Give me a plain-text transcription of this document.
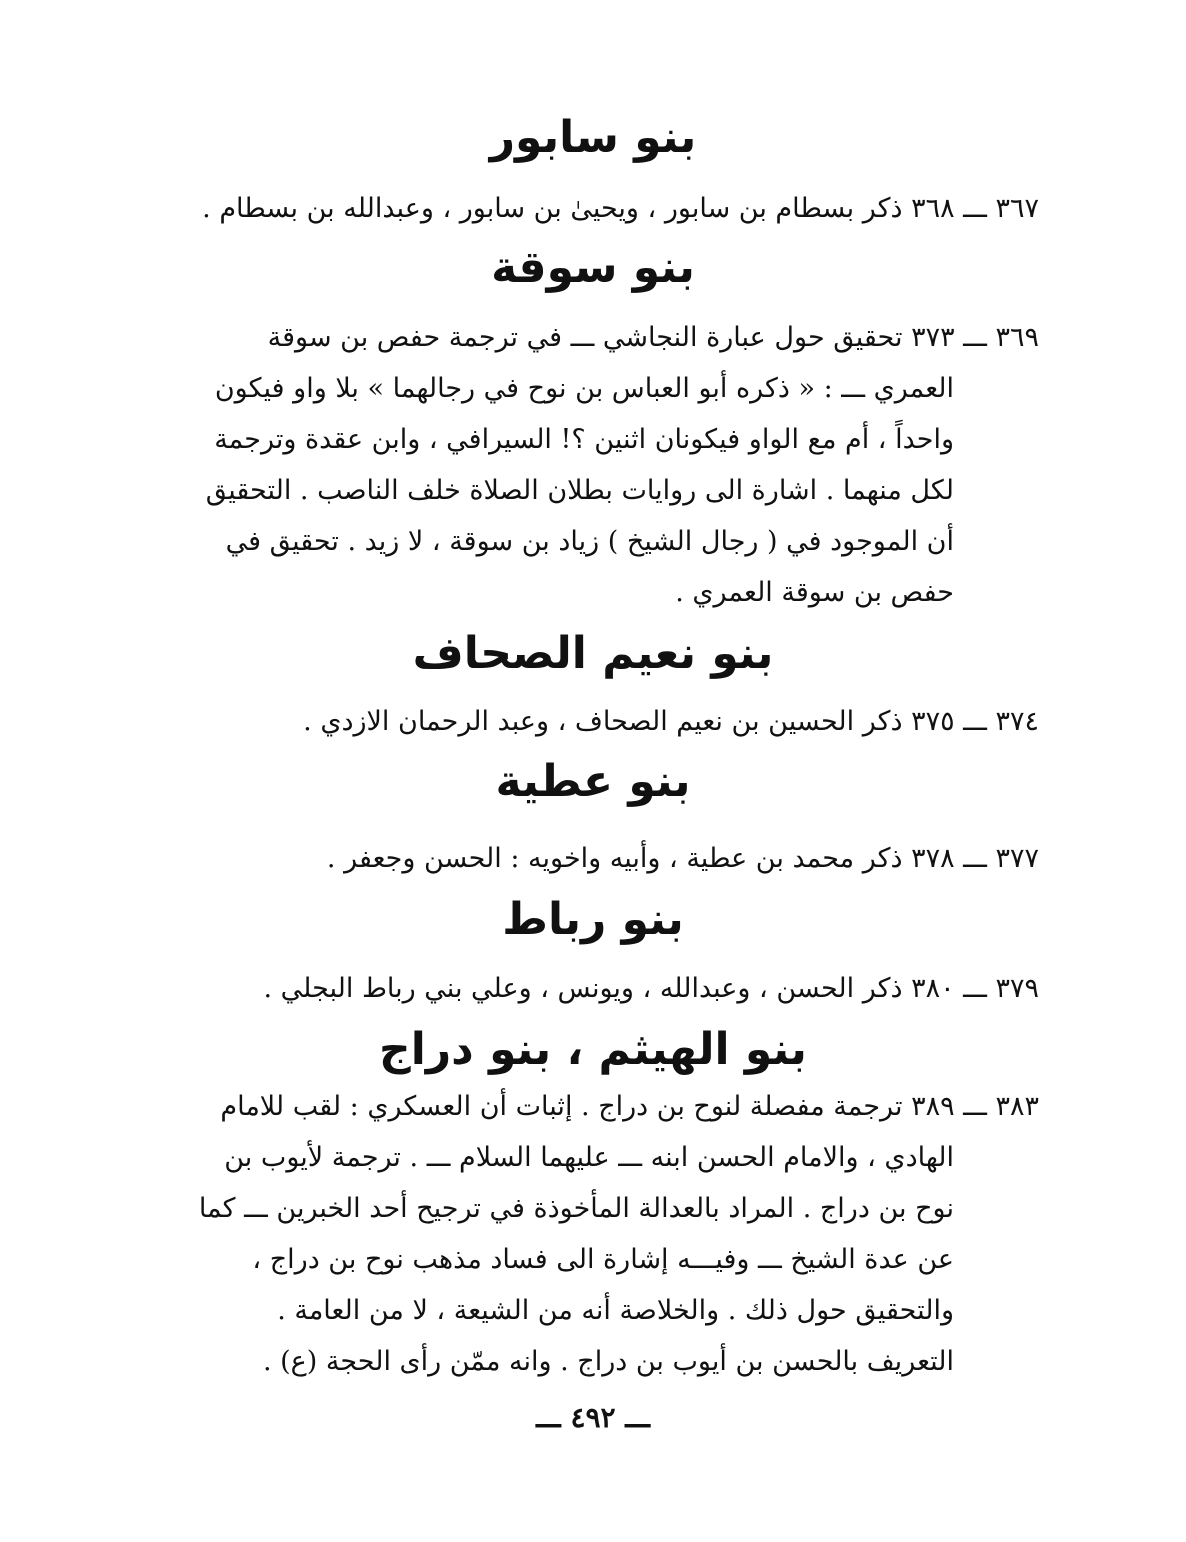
بنو سابور
٣٦٧ ـــ ٣٦٨ ذكر بسطام بن سابور ، ويحيىٰ بن سابور ، وعبدالله بن بسطام .
بنو سوقة
٣٦٩ ـــ ٣٧٣ تحقيق حول عبارة النجاشي ـــ في ترجمة حفص بن سوقة
العمري ـــ : « ذكره أبو العباس بن نوح في رجالهما » بلا واو فيكون
واحداً ، أم مع الواو فيكونان اثنين ؟! السيرافي ، وابن عقدة وترجمة
لكل منهما . اشارة الى روايات بطلان الصلاة خلف الناصب . التحقيق
أن الموجود في ( رجال الشيخ ) زياد بن سوقة ، لا زيد . تحقيق في
حفص بن سوقة العمري .
بنو نعيم الصحاف
٣٧٤ ـــ ٣٧٥ ذكر الحسين بن نعيم الصحاف ، وعبد الرحمان الازدي .
بنو عطية
٣٧٧ ـــ ٣٧٨ ذكر محمد بن عطية ، وأبيه واخويه : الحسن وجعفر .
بنو رباط
٣٧٩ ـــ ٣٨٠ ذكر الحسن ، وعبدالله ، ويونس ، وعلي بني رباط البجلي .
بنو الهيثم ، بنو دراج
٣٨٣ ـــ ٣٨٩ ترجمة مفصلة لنوح بن دراج . إثبات أن العسكري : لقب للامام
الهادي ، والامام الحسن ابنه ـــ عليهما السلام ـــ . ترجمة لأيوب بن
نوح بن دراج . المراد بالعدالة المأخوذة في ترجيح أحد الخبرين ـــ كما
عن عدة الشيخ ـــ وفيـــه إشارة الى فساد مذهب نوح بن دراج ،
والتحقيق حول ذلك . والخلاصة أنه من الشيعة ، لا من العامة .
التعريف بالحسن بن أيوب بن دراج . وانه ممّن رأى الحجة (ع) .
ـــ ٤٩٢ ـــ
